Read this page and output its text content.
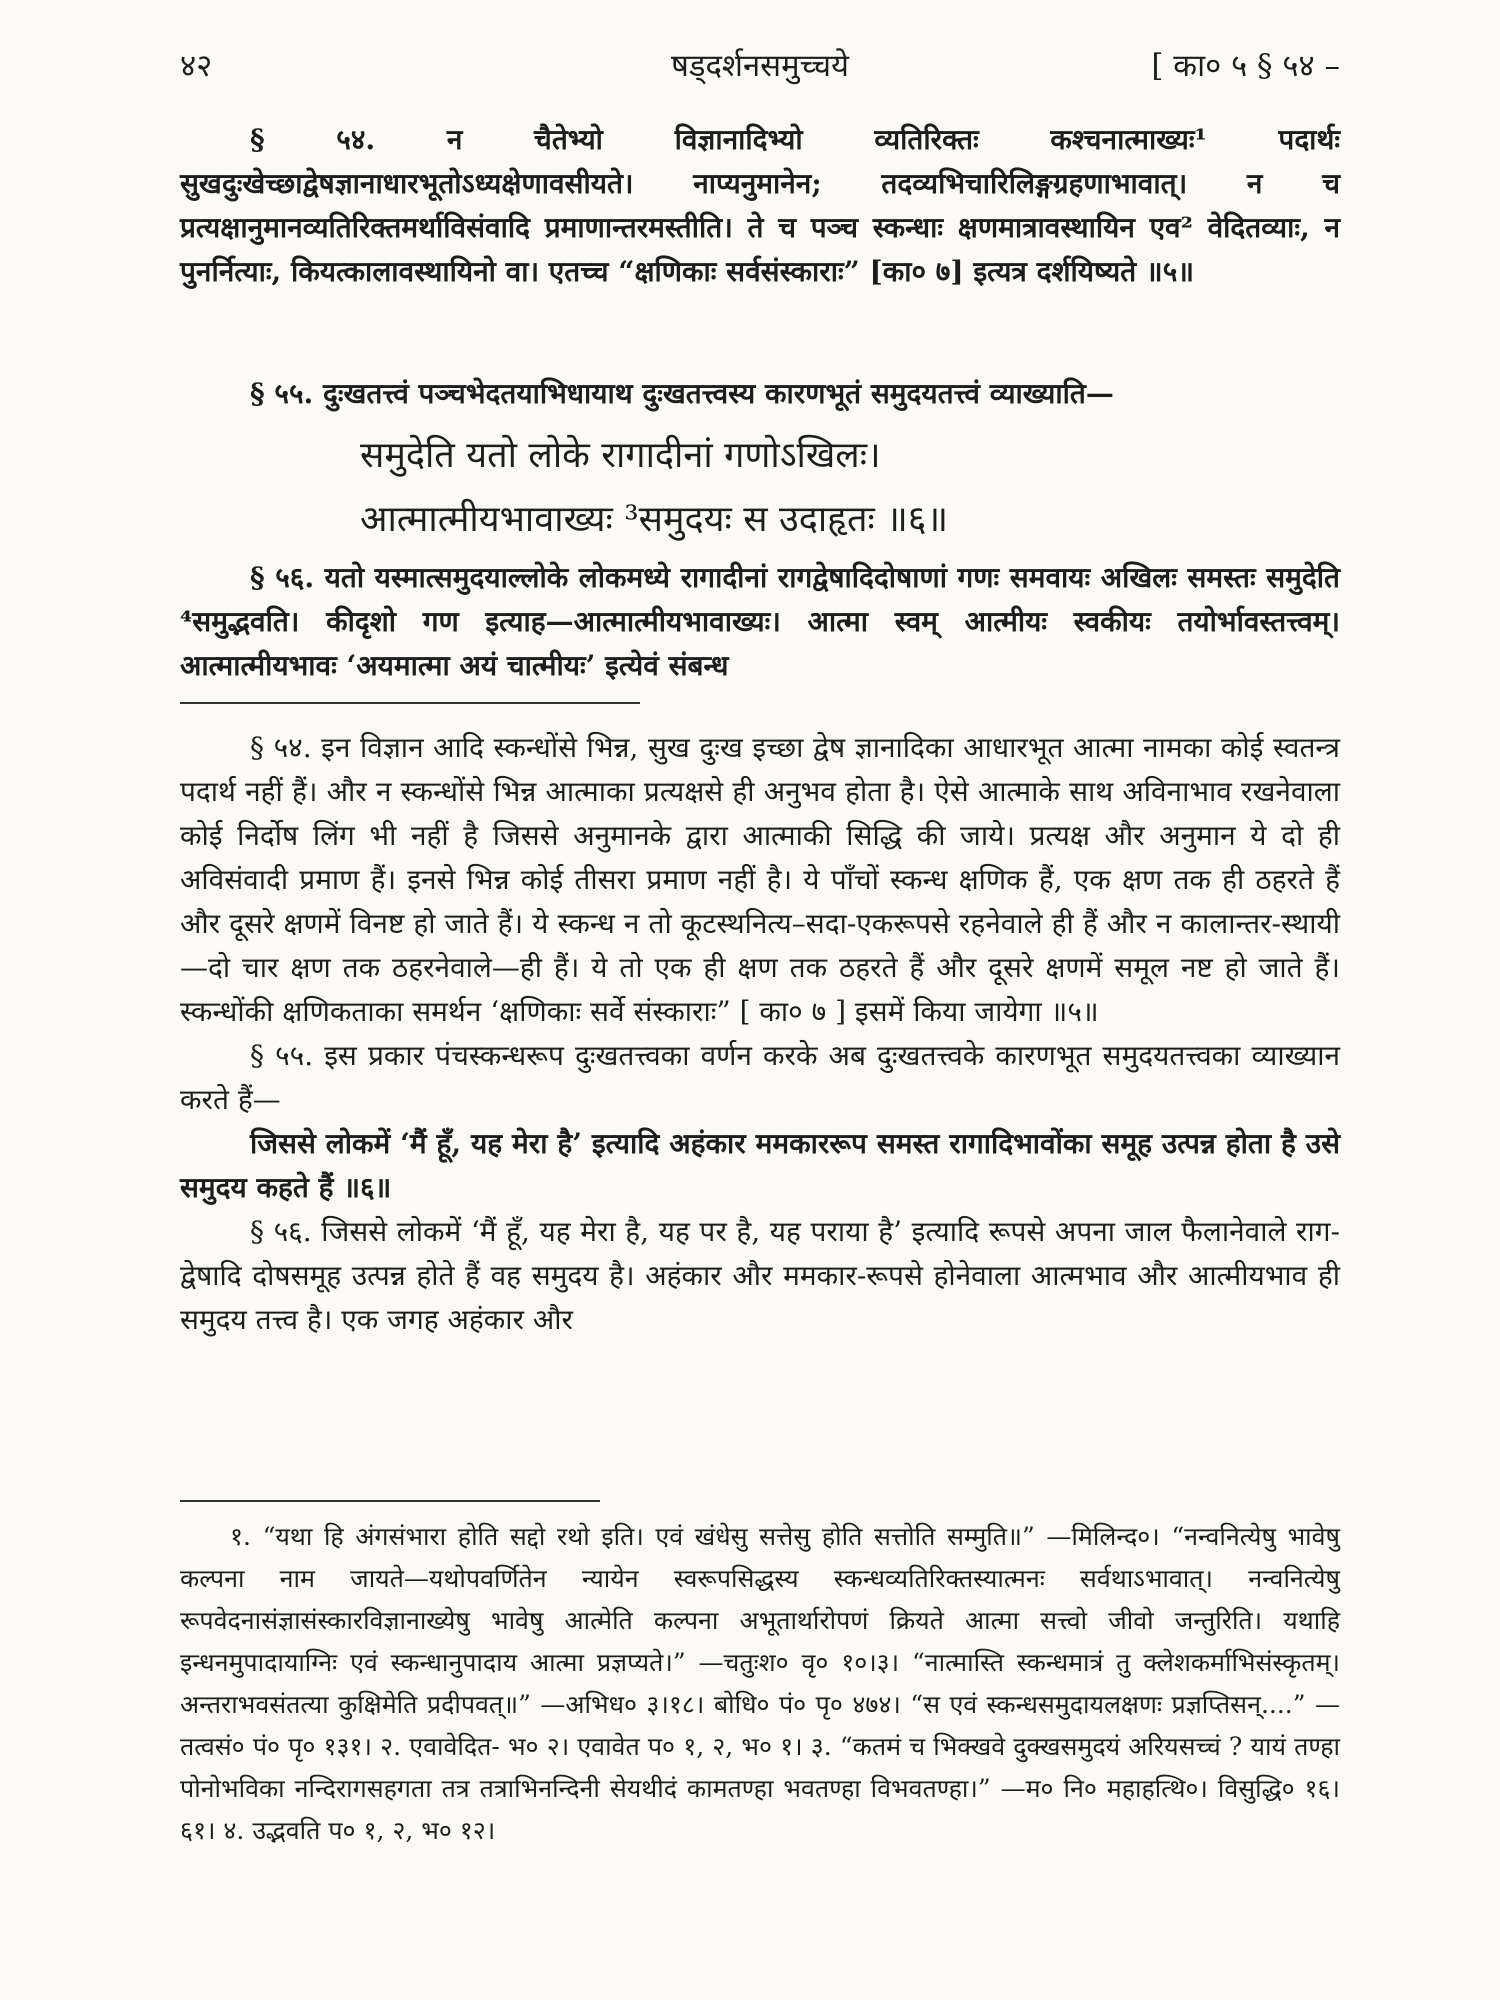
४२	षड्दर्शनसमुच्चये	[ का० ५ § ५४ –

§ ५४. न चैतेभ्यो विज्ञानादिभ्यो व्यतिरिक्तः कश्चनात्माख्यः¹ पदार्थः सुखदुःखेच्छाद्वेषज्ञानाधारभूतोऽध्यक्षेणावसीयते। नाप्यनुमानेन; तदव्यभिचारिलिङ्गग्रहणाभावात्। न च प्रत्यक्षानुमानव्यतिरिक्तमर्थाविसंवादि प्रमाणान्तरमस्तीति। ते च पञ्च स्कन्धाः क्षणमात्रावस्थायिन एव² वेदितव्याः, न पुनर्नित्याः, कियत्कालावस्थायिनो वा। एतच्च “क्षणिकाः सर्वसंस्काराः” [का० ७] इत्यत्र दर्शयिष्यते ॥५॥

§ ५५. दुःखतत्त्वं पञ्चभेदतयाभिधायाथ दुःखतत्त्वस्य कारणभूतं समुदयतत्त्वं व्याख्याति—

समुदेति यतो लोके रागादीनां गणोऽखिलः।
आत्मात्मीयभावाख्यः ³समुदयः स उदाहृतः ॥६॥

§ ५६. यतो यस्मात्समुदयाल्लोके लोकमध्ये रागादीनां रागद्वेषादिदोषाणां गणः समवायः अखिलः समस्तः समुदेति ⁴समुद्भवति। कीदृशो गण इत्याह—आत्मात्मीयभावाख्यः। आत्मा स्वम् आत्मीयः स्वकीयः तयोर्भावस्तत्त्वम्। आत्मात्मीयभावः ‘अयमात्मा अयं चात्मीयः’ इत्येवं संबन्ध

§ ५४. इन विज्ञान आदि स्कन्धोंसे भिन्न, सुख दुःख इच्छा द्वेष ज्ञानादिका आधारभूत आत्मा नामका कोई स्वतन्त्र पदार्थ नहीं हैं। और न स्कन्धोंसे भिन्न आत्माका प्रत्यक्षसे ही अनुभव होता है। ऐसे आत्माके साथ अविनाभाव रखनेवाला कोई निर्दोष लिंग भी नहीं है जिससे अनुमानके द्वारा आत्माकी सिद्धि की जाये। प्रत्यक्ष और अनुमान ये दो ही अविसंवादी प्रमाण हैं। इनसे भिन्न कोई तीसरा प्रमाण नहीं है। ये पाँचों स्कन्ध क्षणिक हैं, एक क्षण तक ही ठहरते हैं और दूसरे क्षणमें विनष्ट हो जाते हैं। ये स्कन्ध न तो कूटस्थनित्य–सदा-एकरूपसे रहनेवाले ही हैं और न कालान्तर-स्थायी—दो चार क्षण तक ठहरनेवाले—ही हैं। ये तो एक ही क्षण तक ठहरते हैं और दूसरे क्षणमें समूल नष्ट हो जाते हैं। स्कन्धोंकी क्षणिकताका समर्थन ‘क्षणिकाः सर्वे संस्काराः” [ का० ७ ] इसमें किया जायेगा ॥५॥

§ ५५. इस प्रकार पंचस्कन्धरूप दुःखतत्त्वका वर्णन करके अब दुःखतत्त्वके कारणभूत समुदयतत्त्वका व्याख्यान करते हैं—

जिससे लोकमें ‘मैं हूँ, यह मेरा है’ इत्यादि अहंकार ममकाररूप समस्त रागादिभावोंका समूह उत्पन्न होता है उसे समुदय कहते हैं ॥६॥

§ ५६. जिससे लोकमें ‘मैं हूँ, यह मेरा है, यह पर है, यह पराया है’ इत्यादि रूपसे अपना जाल फैलानेवाले राग-द्वेषादि दोषसमूह उत्पन्न होते हैं वह समुदय है। अहंकार और ममकार-रूपसे होनेवाला आत्मभाव और आत्मीयभाव ही समुदय तत्त्व है। एक जगह अहंकार और

१. “यथा हि अंगसंभारा होति सद्दो रथो इति। एवं खंधेसु सत्तेसु होति सत्तोति सम्मुति॥” —मिलिन्द०। “नन्वनित्येषु भावेषु कल्पना नाम जायते—यथोपवर्णितेन न्यायेन स्वरूपसिद्धस्य स्कन्धव्यतिरिक्तस्यात्मनः सर्वथाऽभावात्। नन्वनित्येषु रूपवेदनासंज्ञासंस्कारविज्ञानाख्येषु भावेषु आत्मेति कल्पना अभूतार्थारोपणं क्रियते आत्मा सत्त्वो जीवो जन्तुरिति। यथाहि इन्धनमुपादायाग्निः एवं स्कन्धानुपादाय आत्मा प्रज्ञप्यते।” —चतुःश० वृ० १०।३। “नात्मास्ति स्कन्धमात्रं तु क्लेशकर्माभिसंस्कृतम्। अन्तराभवसंतत्या कुक्षिमेति प्रदीपवत्॥” —अभिध० ३।१८। बोधि० पं० पृ० ४७४। “स एवं स्कन्धसमुदायलक्षणः प्रज्ञप्तिसन्....” —तत्वसं० पं० पृ० १३१। २. एवावेदित- भ० २। एवावेत प० १, २, भ० १। ३. “कतमं च भिक्खवे दुक्खसमुदयं अरियसच्चं ? यायं तण्हा पोनोभविका नन्दिरागसहगता तत्र तत्राभिनन्दिनी सेयथीदं कामतण्हा भवतण्हा विभवतण्हा।” —म० नि० महाहत्थि०। विसुद्धि० १६।६१। ४. उद्भवति प० १, २, भ० १२।
